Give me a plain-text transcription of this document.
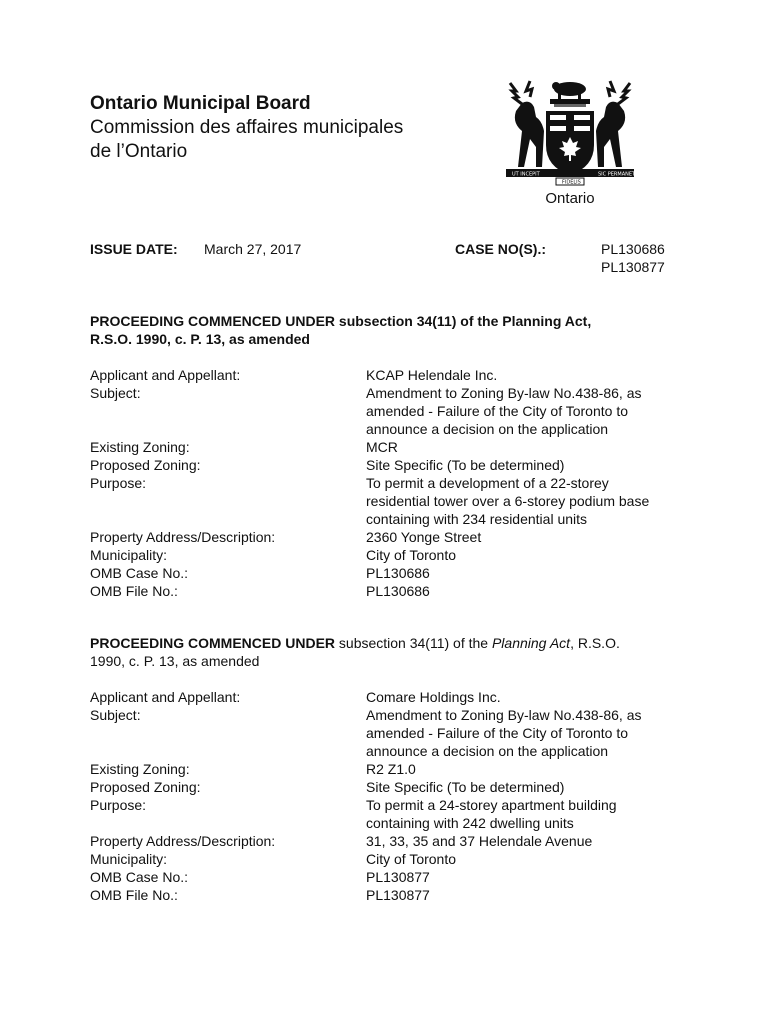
Ontario Municipal Board
Commission des affaires municipales
de l’Ontario
UT INCEPIT	SIC PERMANET
FIDELIS
Ontario
ISSUE DATE: March 27, 2017	CASE NO(S).:	PL130686
PL130877
PROCEEDING COMMENCED UNDER subsection 34(11) of the Planning Act,
R.S.O. 1990, c. P. 13, as amended
Applicant and Appellant:	KCAP Helendale Inc.
Subject:	Amendment to Zoning By-law No.438-86, as
amended - Failure of the City of Toronto to
announce a decision on the application
Existing Zoning:	MCR
Proposed Zoning:	Site Specific (To be determined)
Purpose:	To permit a development of a 22-storey
residential tower over a 6-storey podium base
containing with 234 residential units
Property Address/Description:	2360 Yonge Street
Municipality:	City of Toronto
OMB Case No.:	PL130686
OMB File No.:	PL130686
PROCEEDING COMMENCED UNDER subsection 34(11) of the Planning Act, R.S.O.
1990, c. P. 13, as amended
Applicant and Appellant:	Comare Holdings Inc.
Subject:	Amendment to Zoning By-law No.438-86, as
amended - Failure of the City of Toronto to
announce a decision on the application
Existing Zoning:	R2 Z1.0
Proposed Zoning:	Site Specific (To be determined)
Purpose:	To permit a 24-storey apartment building
containing with 242 dwelling units
Property Address/Description:	31, 33, 35 and 37 Helendale Avenue
Municipality:	City of Toronto
OMB Case No.:	PL130877
OMB File No.:	PL130877
